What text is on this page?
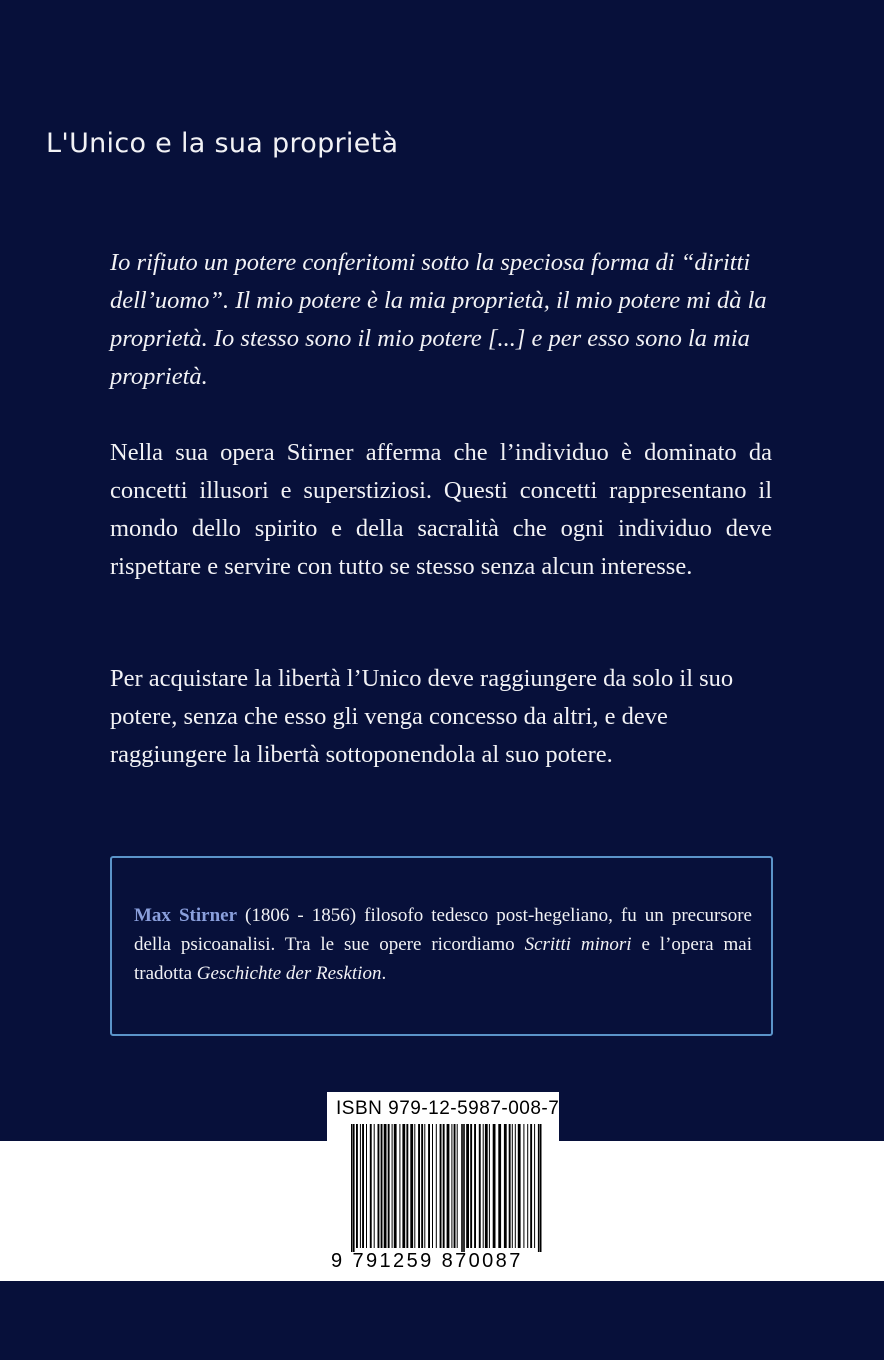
L'Unico e la sua proprietà

Io rifiuto un potere conferitomi sotto la speciosa forma di “diritti dell’uomo”. Il mio potere è la mia proprietà, il mio potere mi dà la proprietà. Io stesso sono il mio potere [...] e per esso sono la mia proprietà.

Nella sua opera Stirner afferma che l’individuo è dominato da concetti illusori e superstiziosi. Questi concetti rappresentano il mondo dello spirito e della sacralità che ogni individuo deve rispettare e servire con tutto se stesso senza alcun interesse.

Per acquistare la libertà l’Unico deve raggiungere da solo il suo potere, senza che esso gli venga concesso da altri, e deve raggiungere la libertà sottoponendola al suo potere.

Max Stirner (1806 - 1856) filosofo tedesco post-hegeliano, fu un precursore della psicoanalisi. Tra le sue opere ricordiamo Scritti minori e l’opera mai tradotta Geschichte der Resktion.

ISBN 979-12-5987-008-7
9 791259 870087
